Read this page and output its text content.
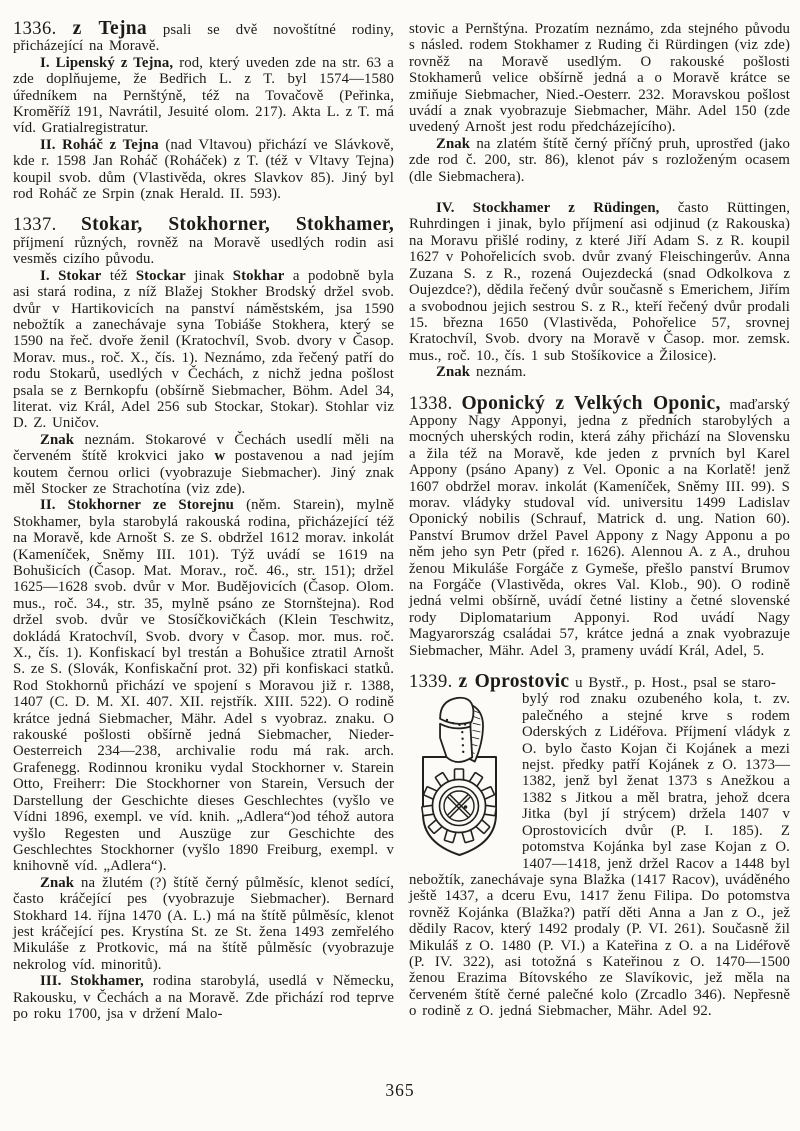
1336. z Tejna psali se dvě novoštítné rodiny, přicházející na Moravě.

I. Lipenský z Tejna, rod, který uveden zde na str. 63 a zde doplňujeme, že Bedřich L. z T. byl 1574—1580 úředníkem na Pernštýně, též na Tovačově (Peřinka, Kroměříž 191, Navrátil, Jesuité olom. 217). Akta L. z T. má víd. Gratialregistratur.

II. Roháč z Tejna (nad Vltavou) přichází ve Slávkově, kde r. 1598 Jan Roháč (Roháček) z T. (též v Vltavy Tejna) koupil svob. dům (Vlastivěda, okres Slavkov 85). Jiný byl rod Roháč ze Srpin (znak Herald. II. 593).

1337. Stokar, Stokhorner, Stokhamer, příjmení různých, rovněž na Moravě usedlých rodin asi vesměs cizího původu.

I. Stokar též Stockar jinak Stokhar a podobně byla asi stará rodina, z níž Blažej Stokher Brodský držel svob. dvůr v Hartikovicích na panství náměstském, jsa 1590 nebožtík a zanechávaje syna Tobiáše Stokhera, který se 1590 na řeč. dvoře ženil (Kratochvíl, Svob. dvory v Časop. Morav. mus., roč. X., čís. 1). Neznámo, zda řečený patří do rodu Stokarů, usedlých v Čechách, z nichž jedna pošlost psala se z Bernkopfu (obšírně Siebmacher, Böhm. Adel 34, literat. viz Král, Adel 256 sub Stockar, Stokar). Stohlar viz D. Z. Uničov.

Znak neznám. Stokarové v Čechách usedlí měli na červeném štítě krokvici jako w postavenou a nad jejím koutem černou orlici (vyobrazuje Siebmacher). Jiný znak měl Stocker ze Strachotína (viz zde).

II. Stokhorner ze Storejnu (něm. Starein), mylně Stokhamer, byla starobylá rakouská rodina, přicházející též na Moravě, kde Arnošt S. ze S. obdržel 1612 morav. inkolát (Kameníček, Sněmy III. 101). Týž uvádí se 1619 na Bohušicích (Časop. Mat. Morav., roč. 46., str. 151); držel 1625—1628 svob. dvůr v Mor. Budějovicích (Časop. Olom. mus., roč. 34., str. 35, mylně psáno ze Stornštejna). Rod držel svob. dvůr ve Stosíčkovičkách (Klein Teschwitz, dokládá Kratochvíl, Svob. dvory v Časop. mor. mus. roč. X., čís. 1). Konfiskací byl trestán a Bohušice ztratil Arnošt S. ze S. (Slovák, Konfiskační prot. 32) při konfiskaci statků. Rod Stokhornů přichází ve spojení s Moravou již r. 1388, 1407 (C. D. M. XI. 407. XII. rejstřík. XIII. 522). O rodině krátce jedná Siebmacher, Mähr. Adel s vyobraz. znaku. O rakouské pošlosti obšírně jedná Siebmacher, Nieder-Oesterreich 234—238, archivalie rodu má rak. arch. Grafenegg. Rodinnou kroniku vydal Stockhorner v. Starein Otto, Freiherr: Die Stockhorner von Starein, Versuch der Darstellung der Geschichte dieses Geschlechtes (vyšlo ve Vídni 1896, exempl. ve víd. knih. „Adlera“)od téhož autora vyšlo Regesten und Auszüge zur Geschichte des Geschlechtes Stockhorner (vyšlo 1890 Freiburg, exempl. v knihovně víd. „Adlera“).

Znak na žlutém (?) štítě černý půlměsíc, klenot sedící, často kráčející pes (vyobrazuje Siebmacher). Bernard Stokhard 14. října 1470 (A. L.) má na štítě půlměsíc, klenot jest kráčející pes. Krystína St. ze St. žena 1493 zemřelého Mikuláše z Protkovic, má na štítě půlměsíc (vyobrazuje nekrolog víd. minoritů).

III. Stokhamer, rodina starobylá, usedlá v Německu, Rakousku, v Čechách a na Moravě. Zde přichází rod teprve po roku 1700, jsa v držení Malo-

stovic a Pernštýna. Prozatím neznámo, zda stejného původu s násled. rodem Stokhamer z Ruding či Rürdingen (viz zde) rovněž na Moravě usedlým. O rakouské pošlosti Stokhamerů velice obšírně jedná a o Moravě krátce se zmiňuje Siebmacher, Nied.-Oesterr. 232. Moravskou pošlost uvádí a znak vyobrazuje Siebmacher, Mähr. Adel 150 (zde uvedený Arnošt jest rodu předcházejícího).

Znak na zlatém štítě černý příčný pruh, uprostřed (jako zde rod č. 200, str. 86), klenot páv s rozloženým ocasem (dle Siebmachera).

IV. Stockhamer z Rüdingen, často Rüttingen, Ruhrdingen i jinak, bylo příjmení asi odjinud (z Rakouska) na Moravu přišlé rodiny, z které Jiří Adam S. z R. koupil 1627 v Pohořelicích svob. dvůr zvaný Fleischingerův. Anna Zuzana S. z R., rozená Oujezdecká (snad Odkolkova z Oujezdce?), dědila řečený dvůr současně s Emerichem, Jiřím a svobodnou jejich sestrou S. z R., kteří řečený dvůr prodali 15. března 1650 (Vlastivěda, Pohořelice 57, srovnej Kratochvíl, Svob. dvory na Moravě v Časop. mor. zemsk. mus., roč. 10., čís. 1 sub Stošíkovice a Žilosice).

Znak neznám.

1338. Oponický z Velkých Oponic, maďarský Appony Nagy Apponyi, jedna z předních starobylých a mocných uherských rodin, která záhy přichází na Slovensku a žila též na Moravě, kde jeden z prvních byl Karel Appony (psáno Apany) z Vel. Oponic a na Korlatě! jenž 1607 obdržel morav. inkolát (Kameníček, Sněmy III. 99). S morav. vládyky studoval víd. universitu 1499 Ladislav Oponický nobilis (Schrauf, Matrick d. ung. Nation 60). Panství Brumov držel Pavel Appony z Nagy Apponu a po něm jeho syn Petr (před r. 1626). Alennou A. z A., druhou ženou Mikuláše Forgáče z Gymeše, přešlo panství Brumov na Forgáče (Vlastivěda, okres Val. Klob., 90). O rodině jedná velmi obšírně, uvádí četné listiny a četné slovenské rody Diplomatarium Apponyi. Rod uvádí Nagy Magyarország családai 57, krátce jedná a znak vyobrazuje Siebmacher, Mähr. Adel 3, prameny uvádí Král, Adel, 5.

1339. z Oprostovic u Bystř., p. Host., psal se staro-

bylý rod znaku ozubeného kola, t. zv. palečného a stejné krve s rodem Oderských z Lidéřova. Příjmení vládyk z O. bylo často Kojan či Kojánek a mezi nejst. předky patří Kojánek z O. 1373—1382, jenž byl ženat 1373 s Anežkou a 1382 s Jitkou a měl bratra, jehož dcera Jitka (byl jí strýcem) držela 1407 v Oprostovicích dvůr (P. I. 185). Z potomstva Kojánka byl zase Kojan z O. 1407—1418, jenž držel Racov a 1448 byl nebožtík, zanechávaje syna Blažka (1417 Racov), uváděného ještě 1437, a dceru Evu, 1417 ženu Filipa. Do potomstva rovněž Kojánka (Blažka?) patří děti Anna a Jan z O., jež dědily Racov, který 1492 prodaly (P. VI. 261). Současně žil Mikuláš z O. 1480 (P. VI.) a Kateřina z O. a na Lidéřově (P. IV. 322), asi totožná s Kateřinou z O. 1470—1500 ženou Erazima Bítovského ze Slavíkovic, jež měla na červeném štítě černé palečné kolo (Zrcadlo 346). Nepřesně o rodině z O. jedná Siebmacher, Mähr. Adel 92.

365
